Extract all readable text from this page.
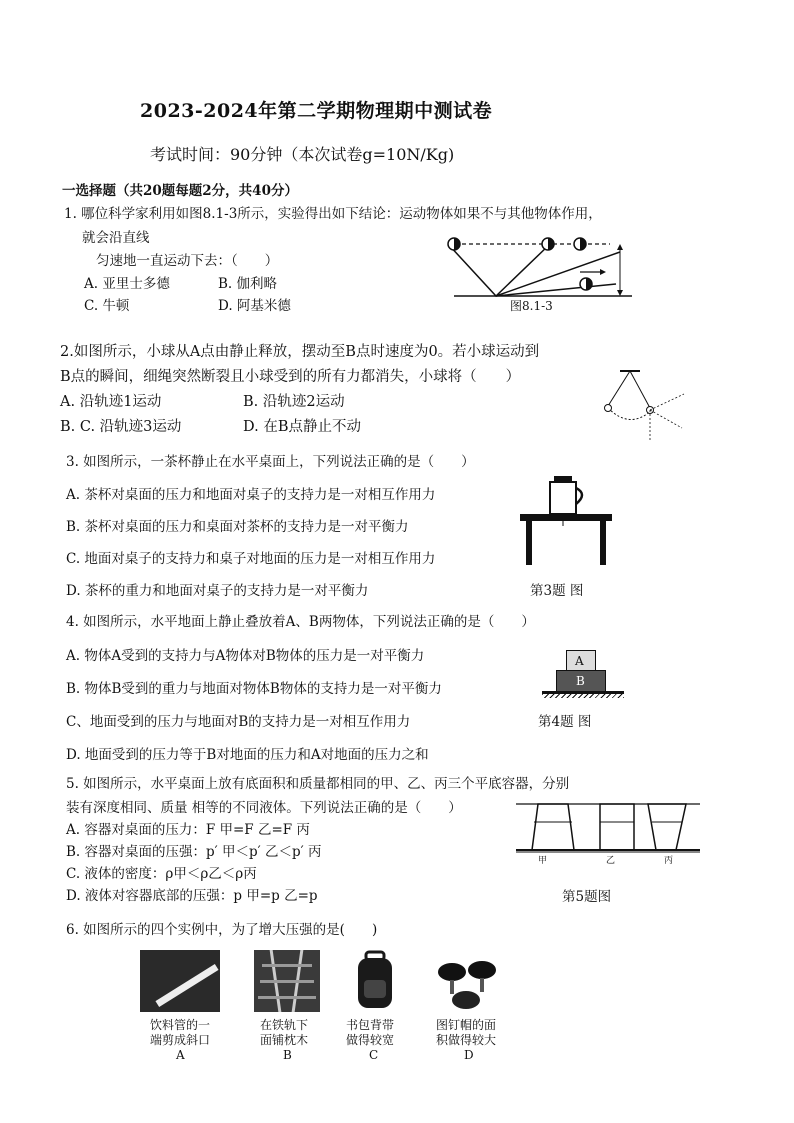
2023-2024年第二学期物理期中测试卷
考试时间：90分钟（本次试卷g=10N/Kg)
一选择题（共20题每题2分，共40分）
1. 哪位科学家利用如图8.1-3所示，实验得出如下结论：运动物体如果不与其他物体作用，
就会沿直线
匀速地一直运动下去：（　　）
A. 亚里士多德	B. 伽利略
C. 牛顿	D. 阿基米德	图8.1-3
2.如图所示，小球从A点由静止释放，摆动至B点时速度为0。若小球运动到
B点的瞬间，细绳突然断裂且小球受到的所有力都消失，小球将（　　）
A. 沿轨迹1运动	B. 沿轨迹2运动
B. C. 沿轨迹3运动	D. 在B点静止不动
3. 如图所示，一茶杯静止在水平桌面上，下列说法正确的是（　　）
A. 茶杯对桌面的压力和地面对桌子的支持力是一对相互作用力
B. 茶杯对桌面的压力和桌面对茶杯的支持力是一对平衡力
C. 地面对桌子的支持力和桌子对地面的压力是一对相互作用力
D. 茶杯的重力和地面对桌子的支持力是一对平衡力	第3题 图
4. 如图所示，水平地面上静止叠放着A、B两物体，下列说法正确的是（　　）
A. 物体A受到的支持力与A物体对B物体的压力是一对平衡力
B. 物体B受到的重力与地面对物体B物体的支持力是一对平衡力
C、地面受到的压力与地面对B的支持力是一对相互作用力
D. 地面受到的压力等于B对地面的压力和A对地面的压力之和
A
B
第4题 图
5. 如图所示，水平桌面上放有底面积和质量都相同的甲、乙、丙三个平底容器，分别
装有深度相同、质量 相等的不同液体。下列说法正确的是（　　）
A. 容器对桌面的压力：F 甲=F 乙=F 丙
B. 容器对桌面的压强：p′ 甲＜p′ 乙＜p′ 丙
C. 液体的密度：ρ甲＜ρ乙＜ρ丙
D. 液体对容器底部的压强：p 甲=p 乙=p
甲	乙	丙
第5题图
6. 如图所示的四个实例中，为了增大压强的是(　　)
饮料管的一
端剪成斜口
A
在铁轨下
面铺枕木
B
书包背带
做得较宽
C
图钉帽的面
积做得较大
D
